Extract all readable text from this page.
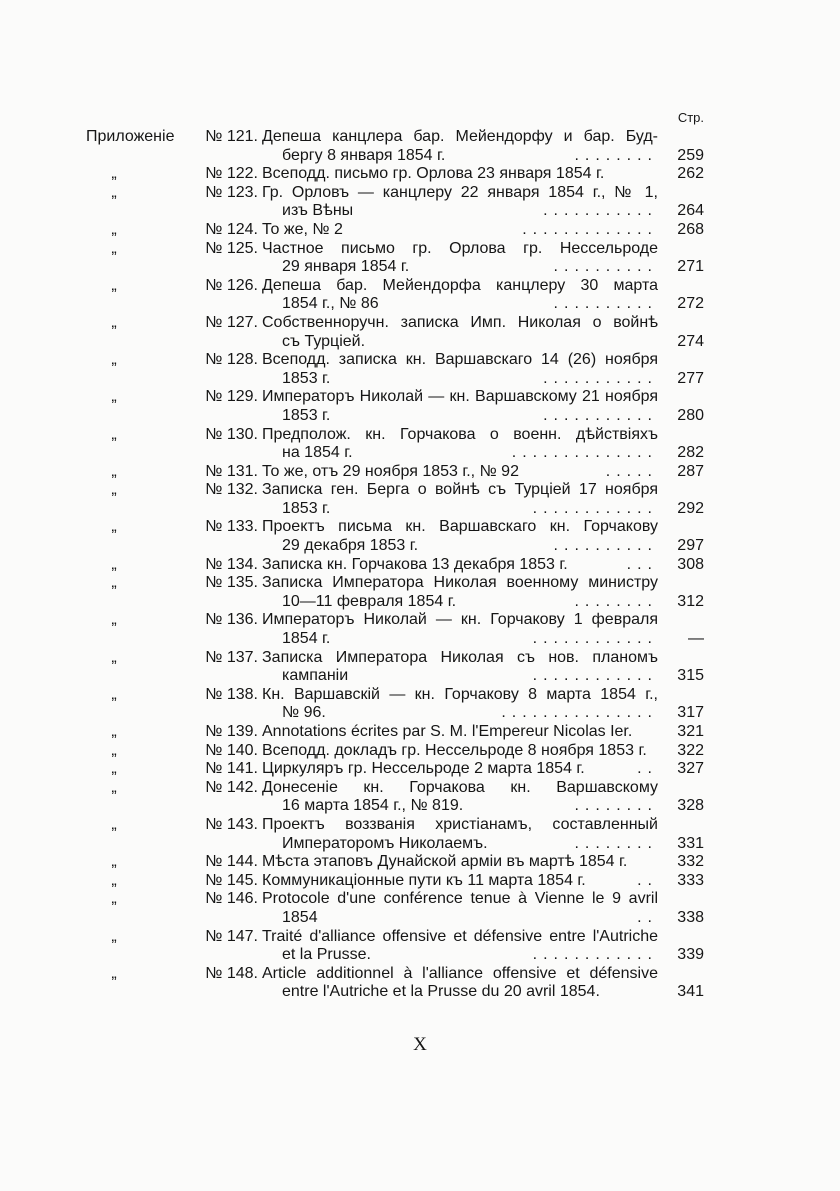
Стр.
Приложеніе	№ 121. Депеша канцлера бар. Мейендорфу и бар. Буд-
бергу 8 января 1854 г.	........	259
„	№ 122. Всеподд. письмо гр. Орлова 23 января 1854 г.	262
„	№ 123. Гр. Орловъ — канцлеру 22 января 1854 г., № 1,
изъ Вѣны	...........	264
„	№ 124. То же, № 2	.............	268
„	№ 125. Частное письмо гр. Орлова гр. Нессельроде
29 января 1854 г.	..........	271
„	№ 126. Депеша бар. Мейендорфа канцлеру 30 марта
1854 г., № 86	..........	272
„	№ 127. Собственноручн. записка Имп. Николая о войнѣ
съ Турціей.	274
„	№ 128. Всеподд. записка кн. Варшавскаго 14 (26) ноября
1853 г.	...........	277
„	№ 129. Императоръ Николай — кн. Варшавскому 21 ноября
1853 г.	...........	280
„	№ 130. Предполож. кн. Горчакова о военн. дѣйствіяхъ
на 1854 г.	..............	282
„	№ 131. То же, отъ 29 ноября 1853 г., № 92	.....	287
„	№ 132. Записка ген. Берга о войнѣ съ Турціей 17 ноября
1853 г.	............	292
„	№ 133. Проектъ письма кн. Варшавскаго кн. Горчакову
29 декабря 1853 г.	..........	297
„	№ 134. Записка кн. Горчакова 13 декабря 1853 г.	...	308
„	№ 135. Записка Императора Николая военному министру
10—11 февраля 1854 г.	........	312
„	№ 136. Императоръ Николай — кн. Горчакову 1 февраля
1854 г.	............	—
„	№ 137. Записка Императора Николая съ нов. планомъ
кампаніи	............	315
„	№ 138. Кн. Варшавскій — кн. Горчакову 8 марта 1854 г.,
№ 96.	...............	317
„	№ 139. Annotations écrites par S. M. l'Empereur Nicolas Ier.	321
„	№ 140. Всеподд. докладъ гр. Нессельроде 8 ноября 1853 г.	322
„	№ 141. Циркуляръ гр. Нессельроде 2 марта 1854 г.	..	327
„	№ 142. Донесеніе кн. Горчакова кн. Варшавскому
16 марта 1854 г., № 819.	........	328
„	№ 143. Проектъ воззванія христіанамъ, составленный
Императоромъ Николаемъ.	........	331
„	№ 144. Мѣста этаповъ Дунайской арміи въ мартѣ 1854 г.	332
„	№ 145. Коммуникаціонные пути къ 11 марта 1854 г.	..	333
„	№ 146. Protocole d'une conférence tenue à Vienne le 9 avril
1854	..	338
„	№ 147. Traité d'alliance offensive et défensive entre l'Autriche
et la Prusse.	............	339
„	№ 148. Article additionnel à l'alliance offensive et défensive
entre l'Autriche et la Prusse du 20 avril 1854.	341
X
